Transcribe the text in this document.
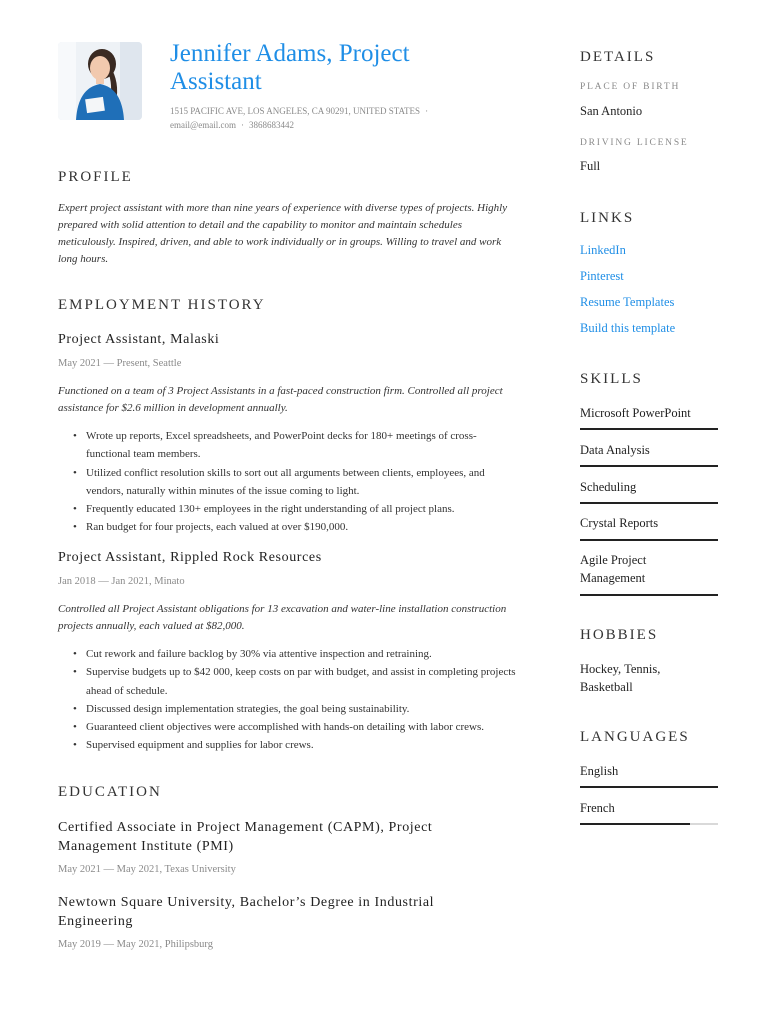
Jennifer Adams, Project Assistant
1515 PACIFIC AVE, LOS ANGELES, CA 90291, UNITED STATES ·
email@email.com · 3868683442
PROFILE
Expert project assistant with more than nine years of experience with diverse types of projects. Highly prepared with solid attention to detail and the capability to monitor and maintain schedules meticulously. Inspired, driven, and able to work individually or in groups. Willing to travel and work long hours.
EMPLOYMENT HISTORY
Project Assistant, Malaski
May 2021 — Present, Seattle
Functioned on a team of 3 Project Assistants in a fast-paced construction firm. Controlled all project assistance for $2.6 million in development annually.
• Wrote up reports, Excel spreadsheets, and PowerPoint decks for 180+ meetings of cross-functional team members.
• Utilized conflict resolution skills to sort out all arguments between clients, employees, and vendors, naturally within minutes of the issue coming to light.
• Frequently educated 130+ employees in the right understanding of all project plans.
• Ran budget for four projects, each valued at over $190,000.
Project Assistant, Rippled Rock Resources
Jan 2018 — Jan 2021, Minato
Controlled all Project Assistant obligations for 13 excavation and water-line installation construction projects annually, each valued at $82,000.
• Cut rework and failure backlog by 30% via attentive inspection and retraining.
• Supervise budgets up to $42 000, keep costs on par with budget, and assist in completing projects ahead of schedule.
• Discussed design implementation strategies, the goal being sustainability.
• Guaranteed client objectives were accomplished with hands-on detailing with labor crews.
• Supervised equipment and supplies for labor crews.
EDUCATION
Certified Associate in Project Management (CAPM), Project Management Institute (PMI)
May 2021 — May 2021, Texas University
Newtown Square University, Bachelor’s Degree in Industrial Engineering
May 2019 — May 2021, Philipsburg
DETAILS
PLACE OF BIRTH
San Antonio
DRIVING LICENSE
Full
LINKS
LinkedIn
Pinterest
Resume Templates
Build this template
SKILLS
Microsoft PowerPoint
Data Analysis
Scheduling
Crystal Reports
Agile Project Management
HOBBIES
Hockey, Tennis, Basketball
LANGUAGES
English
French
